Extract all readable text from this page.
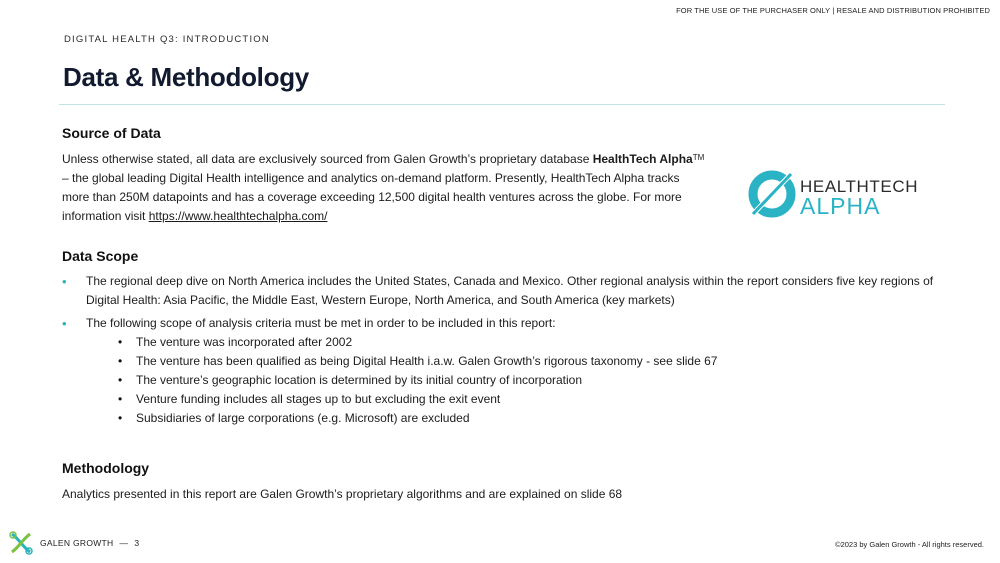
FOR THE USE OF THE PURCHASER ONLY | RESALE AND DISTRIBUTION PROHIBITED
DIGITAL HEALTH Q3: INTRODUCTION
Data & Methodology
Source of Data
Unless otherwise stated, all data are exclusively sourced from Galen Growth’s proprietary database HealthTech Alpha™
– the global leading Digital Health intelligence and analytics on-demand platform. Presently, HealthTech Alpha tracks
more than 250M datapoints and has a coverage exceeding 12,500 digital health ventures across the globe. For more
information visit https://www.healthtechalpha.com/
HEALTHTECH
ALPHA
Data Scope
• The regional deep dive on North America includes the United States, Canada and Mexico. Other regional analysis within the report considers five key regions of Digital Health: Asia Pacific, the Middle East, Western Europe, North America, and South America (key markets)
• The following scope of analysis criteria must be met in order to be included in this report:
• The venture was incorporated after 2002
• The venture has been qualified as being Digital Health i.a.w. Galen Growth’s rigorous taxonomy - see slide 67
• The venture’s geographic location is determined by its initial country of incorporation
• Venture funding includes all stages up to but excluding the exit event
• Subsidiaries of large corporations (e.g. Microsoft) are excluded
Methodology
Analytics presented in this report are Galen Growth’s proprietary algorithms and are explained on slide 68
GALEN GROWTH — 3	©2023 by Galen Growth - All rights reserved.
